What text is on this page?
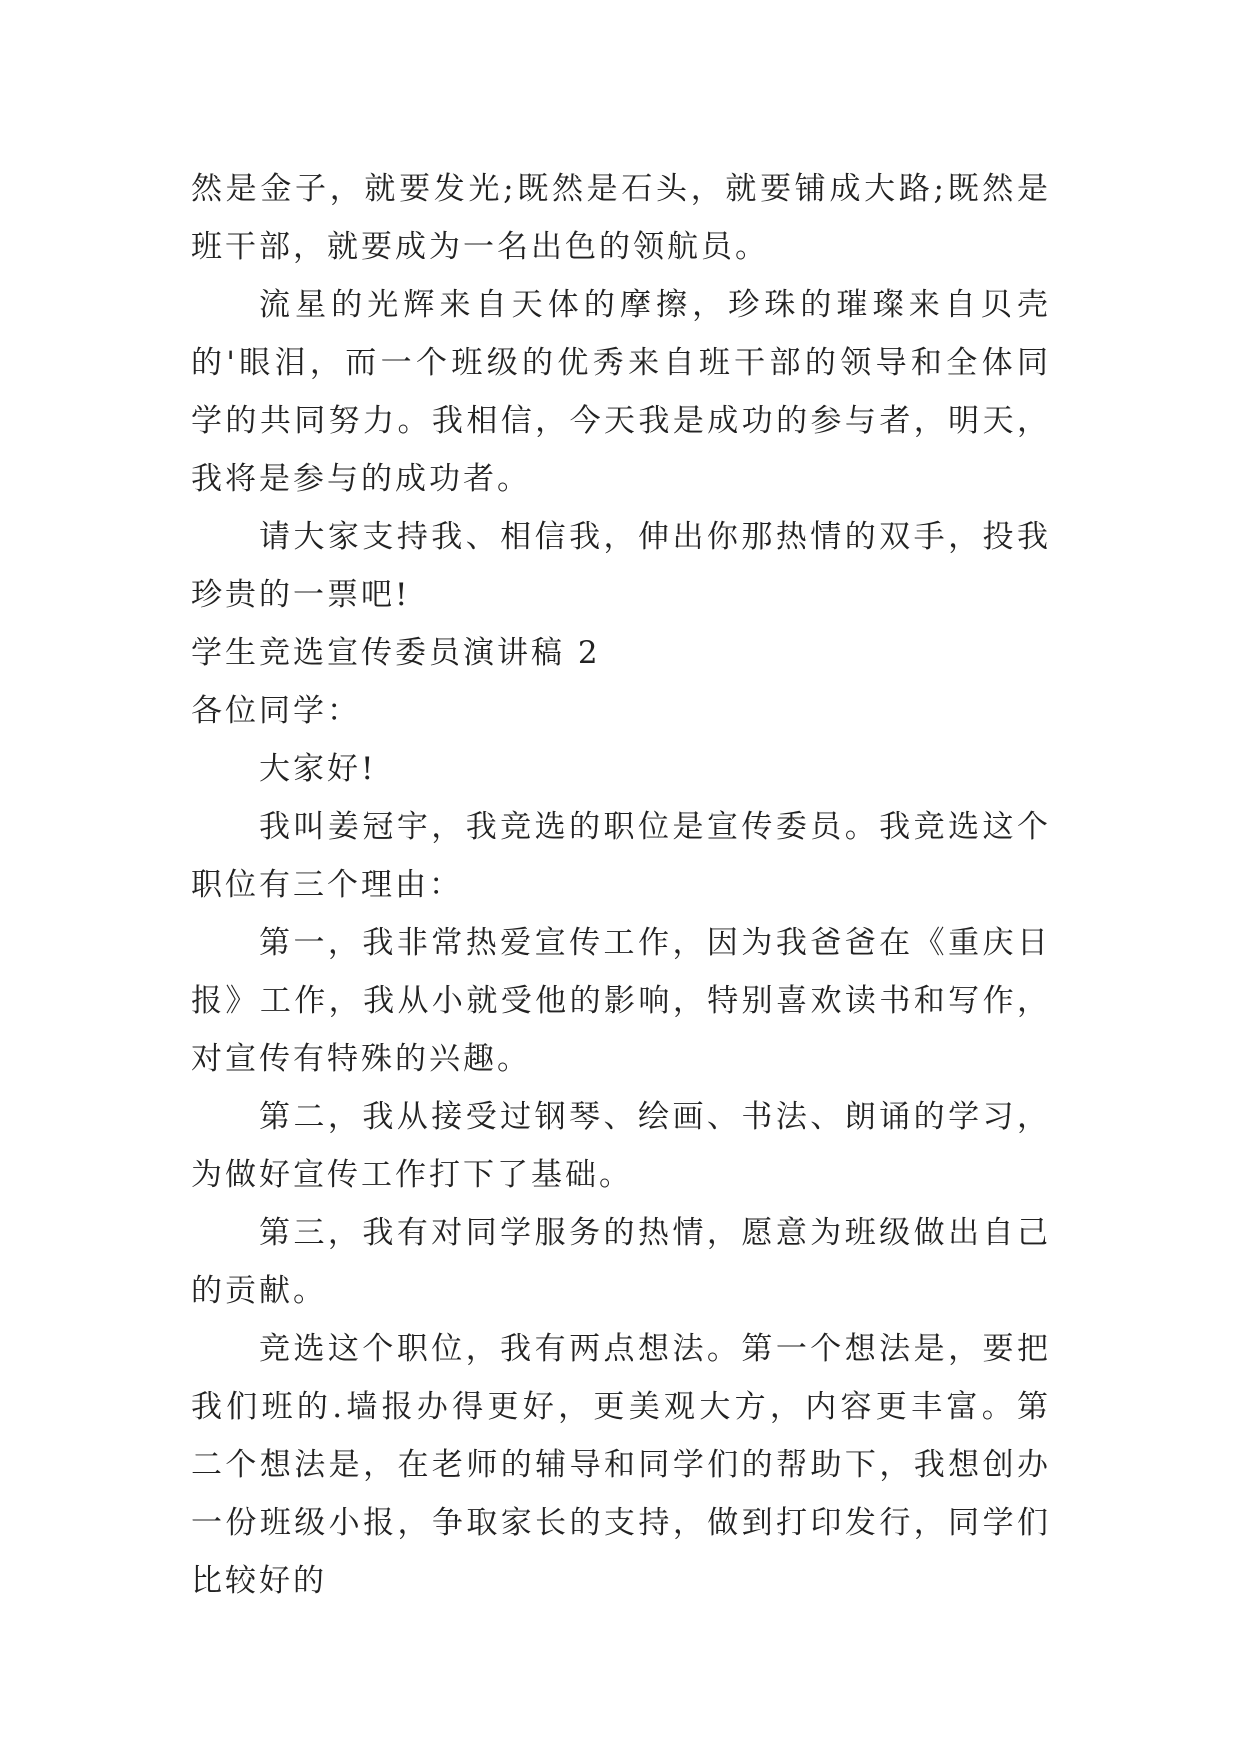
然是金子，就要发光;既然是石头，就要铺成大路;既然是班干部，就要成为一名出色的领航员。

流星的光辉来自天体的摩擦，珍珠的璀璨来自贝壳的'眼泪，而一个班级的优秀来自班干部的领导和全体同学的共同努力。我相信，今天我是成功的参与者，明天，我将是参与的成功者。

请大家支持我、相信我，伸出你那热情的双手，投我珍贵的一票吧!

学生竞选宣传委员演讲稿 2

各位同学：

大家好!

我叫姜冠宇，我竞选的职位是宣传委员。我竞选这个职位有三个理由：

第一，我非常热爱宣传工作，因为我爸爸在《重庆日报》工作，我从小就受他的影响，特别喜欢读书和写作，对宣传有特殊的兴趣。

第二，我从接受过钢琴、绘画、书法、朗诵的学习，为做好宣传工作打下了基础。

第三，我有对同学服务的热情，愿意为班级做出自己的贡献。

竞选这个职位，我有两点想法。第一个想法是，要把我们班的.墙报办得更好，更美观大方，内容更丰富。第二个想法是，在老师的辅导和同学们的帮助下，我想创办一份班级小报，争取家长的支持，做到打印发行，同学们比较好的
